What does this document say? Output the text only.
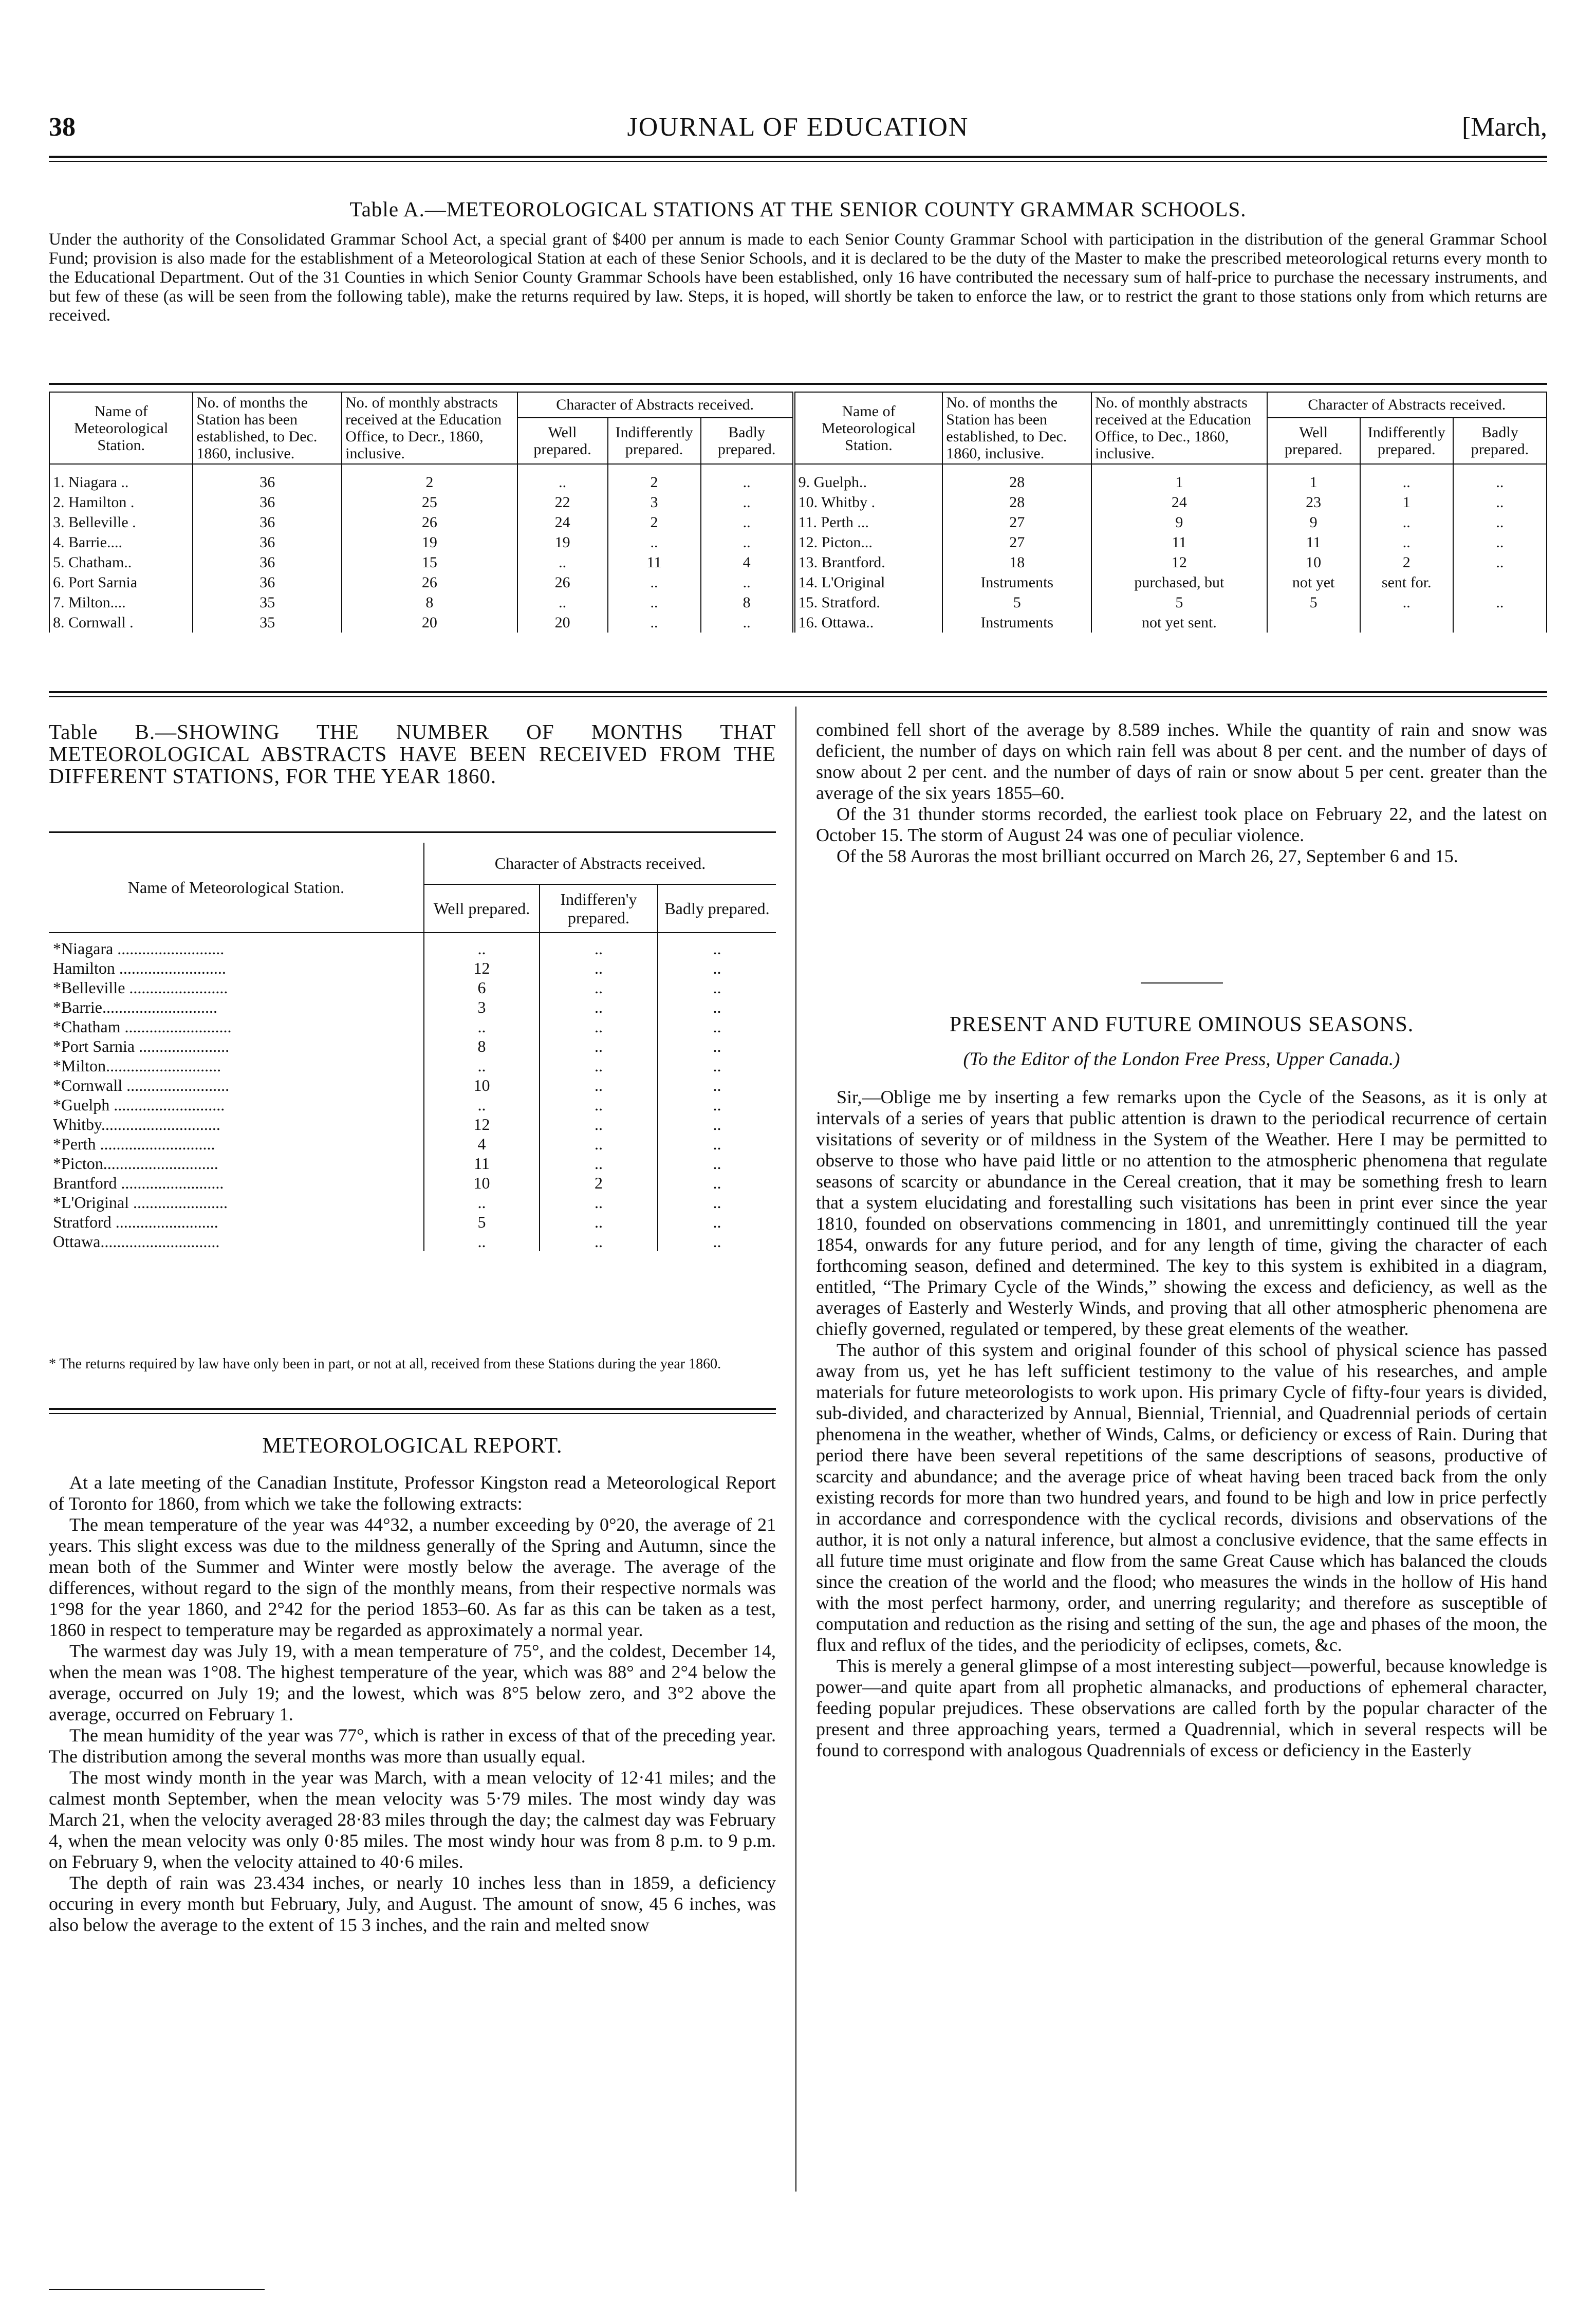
38	JOURNAL OF EDUCATION	[March,
Table A.—METEOROLOGICAL STATIONS AT THE SENIOR COUNTY GRAMMAR SCHOOLS.
Under the authority of the Consolidated Grammar School Act, a special grant of $400 per annum is made to each Senior County Grammar School with participation in the distribution of the general Grammar School Fund; provision is also made for the establishment of a Meteorological Station at each of these Senior Schools, and it is declared to be the duty of the Master to make the prescribed meteorological returns every month to the Educational Department. Out of the 31 Counties in which Senior County Grammar Schools have been established, only 16 have contributed the necessary sum of half-price to purchase the necessary instruments, and but few of these (as will be seen from the following table), make the returns required by law. Steps, it is hoped, will shortly be taken to enforce the law, or to restrict the grant to those stations only from which returns are received.
Name of Meteorological Station.	No. of months the Station has been established, to Dec. 1860, inclusive.	No. of monthly abstracts received at the Education Office, to Decr., 1860, inclusive.	Character of Abstracts received.			Name of Meteorological Station.	No. of months the Station has been established, to Dec. 1860, inclusive.	No. of monthly abstracts received at the Education Office, to Dec., 1860, inclusive.	Character of Abstracts received.		
			Well prepared.	Indifferently prepared.	Badly prepared.				Well prepared.	Indifferently prepared.	Badly prepared.
1. Niagara ..	36	2	..	2	..	9. Guelph..	28	1	1	..	..
2. Hamilton .	36	25	22	3	..	10. Whitby .	28	24	23	1	..
3. Belleville .	36	26	24	2	..	11. Perth ...	27	9	9	..	..
4. Barrie....	36	19	19	..	..	12. Picton...	27	11	11	..	..
5. Chatham..	36	15	..	11	4	13. Brantford.	18	12	10	2	..
6. Port Sarnia	36	26	26	..	..	14. L'Original	Instruments	purchased, but	not yet	sent for.	
7. Milton....	35	8	..	..	8	15. Stratford.	5	5	5	..	..
8. Cornwall .	35	20	20	..	..	16. Ottawa..	Instruments	not yet sent.			
Table B.—SHOWING THE NUMBER OF MONTHS THAT METEOROLOGICAL ABSTRACTS HAVE BEEN RECEIVED FROM THE DIFFERENT STATIONS, FOR THE YEAR 1860.
Name of Meteorological Station.	Character of Abstracts received.		
	Well prepared.	Indifferen'y prepared.	Badly prepared.
*Niagara ..........................	..	..	..
Hamilton ..........................	12	..	..
*Belleville ........................	6	..	..
*Barrie............................	3	..	..
*Chatham ..........................	..	..	..
*Port Sarnia ......................	8	..	..
*Milton............................	..	..	..
*Cornwall .........................	10	..	..
*Guelph ...........................	..	..	..
Whitby.............................	12	..	..
*Perth ............................	4	..	..
*Picton............................	11	..	..
Brantford .........................	10	2	..
*L'Original .......................	..	..	..
Stratford .........................	5	..	..
Ottawa.............................	..	..	..
* The returns required by law have only been in part, or not at all, received from these Stations during the year 1860.
METEOROLOGICAL REPORT.

At a late meeting of the Canadian Institute, Professor Kingston read a Meteorological Report of Toronto for 1860, from which we take the following extracts:

The mean temperature of the year was 44°32, a number exceeding by 0°20, the average of 21 years. This slight excess was due to the mildness generally of the Spring and Autumn, since the mean both of the Summer and Winter were mostly below the average. The average of the differences, without regard to the sign of the monthly means, from their respective normals was 1°98 for the year 1860, and 2°42 for the period 1853–60. As far as this can be taken as a test, 1860 in respect to temperature may be regarded as approximately a normal year.

The warmest day was July 19, with a mean temperature of 75°, and the coldest, December 14, when the mean was 1°08. The highest temperature of the year, which was 88° and 2°4 below the average, occurred on July 19; and the lowest, which was 8°5 below zero, and 3°2 above the average, occurred on February 1.

The mean humidity of the year was 77°, which is rather in excess of that of the preceding year. The distribution among the several months was more than usually equal.

The most windy month in the year was March, with a mean velocity of 12·41 miles; and the calmest month September, when the mean velocity was 5·79 miles. The most windy day was March 21, when the velocity averaged 28·83 miles through the day; the calmest day was February 4, when the mean velocity was only 0·85 miles. The most windy hour was from 8 p.m. to 9 p.m. on February 9, when the velocity attained to 40·6 miles.

The depth of rain was 23.434 inches, or nearly 10 inches less than in 1859, a deficiency occuring in every month but February, July, and August. The amount of snow, 45 6 inches, was also below the average to the extent of 15 3 inches, and the rain and melted snow

combined fell short of the average by 8.589 inches. While the quantity of rain and snow was deficient, the number of days on which rain fell was about 8 per cent. and the number of days of snow about 2 per cent. and the number of days of rain or snow about 5 per cent. greater than the average of the six years 1855–60.

Of the 31 thunder storms recorded, the earliest took place on February 22, and the latest on October 15. The storm of August 24 was one of peculiar violence.

Of the 58 Auroras the most brilliant occurred on March 26, 27, September 6 and 15.

PRESENT AND FUTURE OMINOUS SEASONS.
(To the Editor of the London Free Press, Upper Canada.)

Sir,—Oblige me by inserting a few remarks upon the Cycle of the Seasons, as it is only at intervals of a series of years that public attention is drawn to the periodical recurrence of certain visitations of severity or of mildness in the System of the Weather. Here I may be permitted to observe to those who have paid little or no attention to the atmospheric phenomena that regulate seasons of scarcity or abundance in the Cereal creation, that it may be something fresh to learn that a system elucidating and forestalling such visitations has been in print ever since the year 1810, founded on observations commencing in 1801, and unremittingly continued till the year 1854, onwards for any future period, and for any length of time, giving the character of each forthcoming season, defined and determined. The key to this system is exhibited in a diagram, entitled, “The Primary Cycle of the Winds,” showing the excess and deficiency, as well as the averages of Easterly and Westerly Winds, and proving that all other atmospheric phenomena are chiefly governed, regulated or tempered, by these great elements of the weather.

The author of this system and original founder of this school of physical science has passed away from us, yet he has left sufficient testimony to the value of his researches, and ample materials for future meteorologists to work upon. His primary Cycle of fifty-four years is divided, sub-divided, and characterized by Annual, Biennial, Triennial, and Quadrennial periods of certain phenomena in the weather, whether of Winds, Calms, or deficiency or excess of Rain. During that period there have been several repetitions of the same descriptions of seasons, productive of scarcity and abundance; and the average price of wheat having been traced back from the only existing records for more than two hundred years, and found to be high and low in price perfectly in accordance and correspondence with the cyclical records, divisions and observations of the author, it is not only a natural inference, but almost a conclusive evidence, that the same effects in all future time must originate and flow from the same Great Cause which has balanced the clouds since the creation of the world and the flood; who measures the winds in the hollow of His hand with the most perfect harmony, order, and unerring regularity; and therefore as susceptible of computation and reduction as the rising and setting of the sun, the age and phases of the moon, the flux and reflux of the tides, and the periodicity of eclipses, comets, &c.

This is merely a general glimpse of a most interesting subject—powerful, because knowledge is power—and quite apart from all prophetic almanacks, and productions of ephemeral character, feeding popular prejudices. These observations are called forth by the popular character of the present and three approaching years, termed a Quadrennial, which in several respects will be found to correspond with analogous Quadrennials of excess or deficiency in the Easterly
